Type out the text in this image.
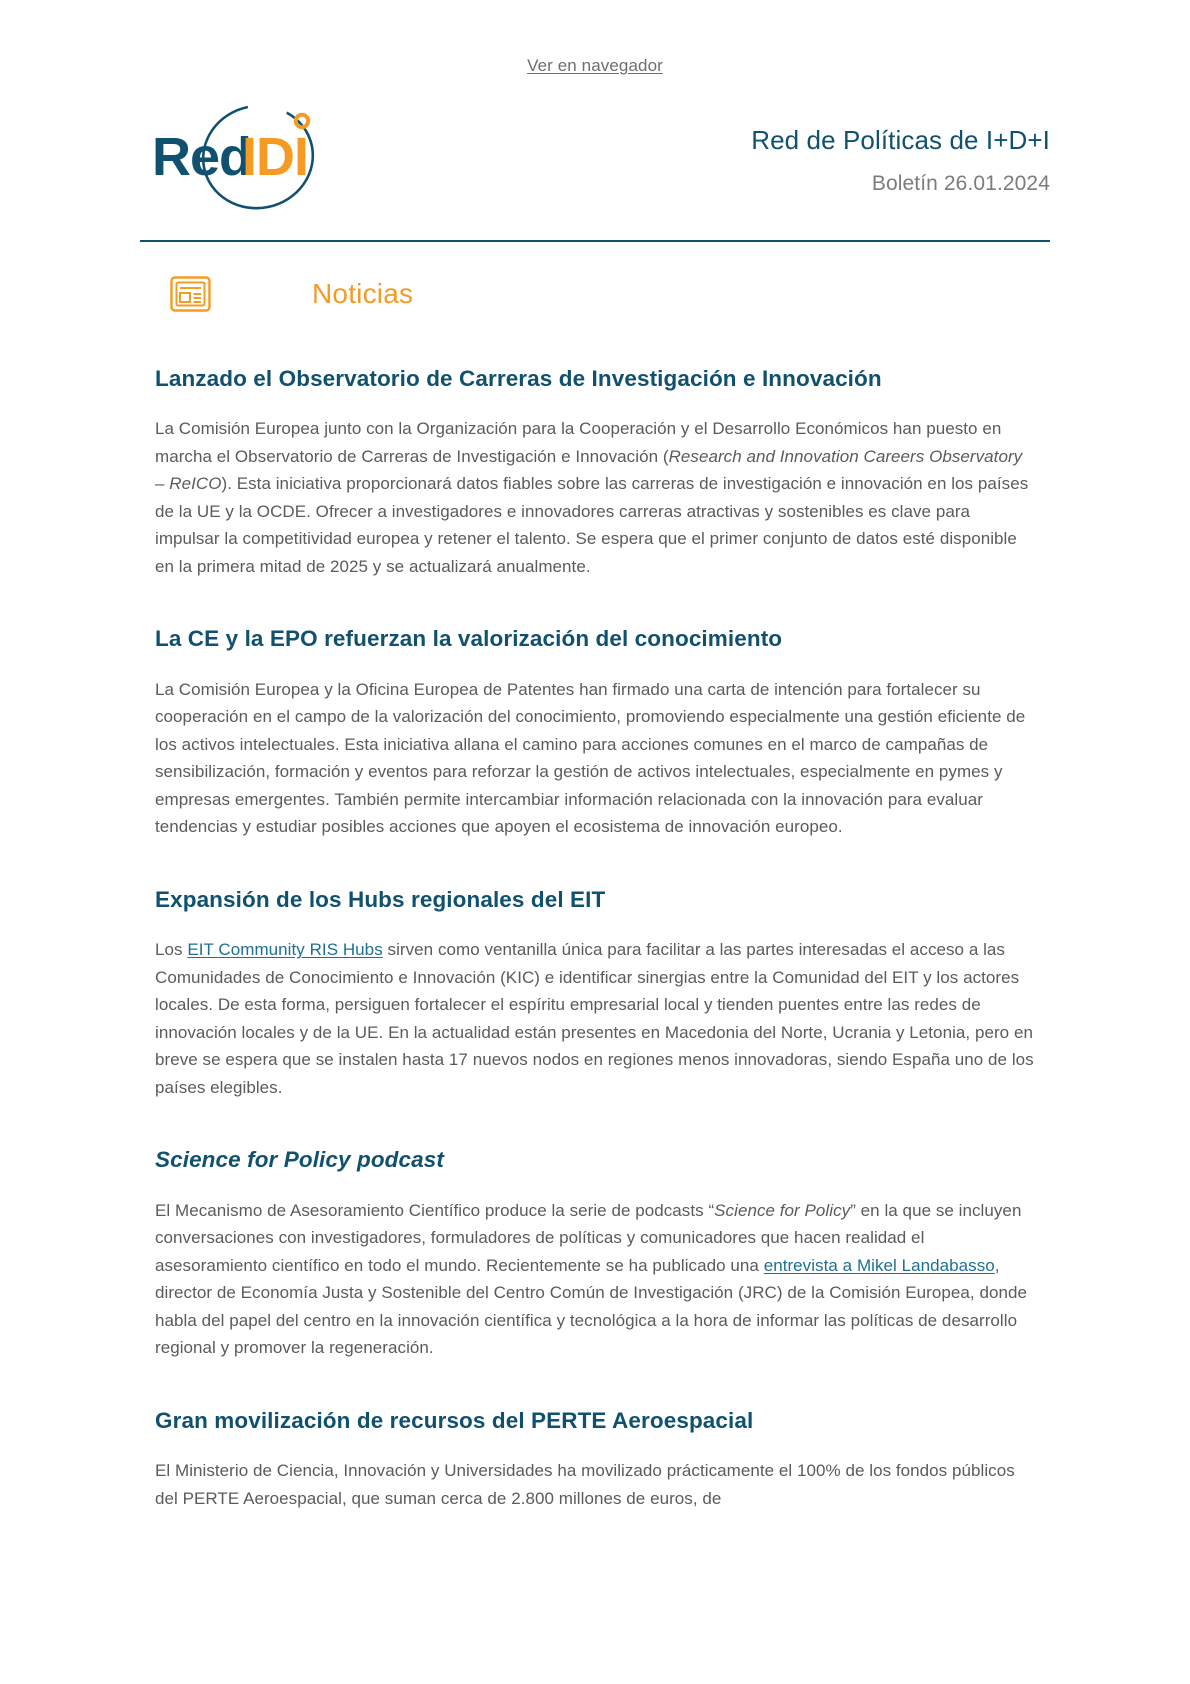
Ver en navegador
Red
IDI	Red de Políticas de I+D+I
Boletín 26.01.2024
Noticias
Lanzado el Observatorio de Carreras de Investigación e Innovación

La Comisión Europea junto con la Organización para la Cooperación y el Desarrollo Económicos han puesto en marcha el Observatorio de Carreras de Investigación e Innovación (Research and Innovation Careers Observatory – ReICO). Esta iniciativa proporcionará datos fiables sobre las carreras de investigación e innovación en los países de la UE y la OCDE. Ofrecer a investigadores e innovadores carreras atractivas y sostenibles es clave para impulsar la competitividad europea y retener el talento. Se espera que el primer conjunto de datos esté disponible en la primera mitad de 2025 y se actualizará anualmente.

La CE y la EPO refuerzan la valorización del conocimiento

La Comisión Europea y la Oficina Europea de Patentes han firmado una carta de intención para fortalecer su cooperación en el campo de la valorización del conocimiento, promoviendo especialmente una gestión eficiente de los activos intelectuales. Esta iniciativa allana el camino para acciones comunes en el marco de campañas de sensibilización, formación y eventos para reforzar la gestión de activos intelectuales, especialmente en pymes y empresas emergentes. También permite intercambiar información relacionada con la innovación para evaluar tendencias y estudiar posibles acciones que apoyen el ecosistema de innovación europeo.

Expansión de los Hubs regionales del EIT

Los EIT Community RIS Hubs sirven como ventanilla única para facilitar a las partes interesadas el acceso a las Comunidades de Conocimiento e Innovación (KIC) e identificar sinergias entre la Comunidad del EIT y los actores locales. De esta forma, persiguen fortalecer el espíritu empresarial local y tienden puentes entre las redes de innovación locales y de la UE. En la actualidad están presentes en Macedonia del Norte, Ucrania y Letonia, pero en breve se espera que se instalen hasta 17 nuevos nodos en regiones menos innovadoras, siendo España uno de los países elegibles.

Science for Policy podcast

El Mecanismo de Asesoramiento Científico produce la serie de podcasts “Science for Policy” en la que se incluyen conversaciones con investigadores, formuladores de políticas y comunicadores que hacen realidad el asesoramiento científico en todo el mundo. Recientemente se ha publicado una entrevista a Mikel Landabasso, director de Economía Justa y Sostenible del Centro Común de Investigación (JRC) de la Comisión Europea, donde habla del papel del centro en la innovación científica y tecnológica a la hora de informar las políticas de desarrollo regional y promover la regeneración.

Gran movilización de recursos del PERTE Aeroespacial

El Ministerio de Ciencia, Innovación y Universidades ha movilizado prácticamente el 100% de los fondos públicos del PERTE Aeroespacial, que suman cerca de 2.800 millones de euros, de
